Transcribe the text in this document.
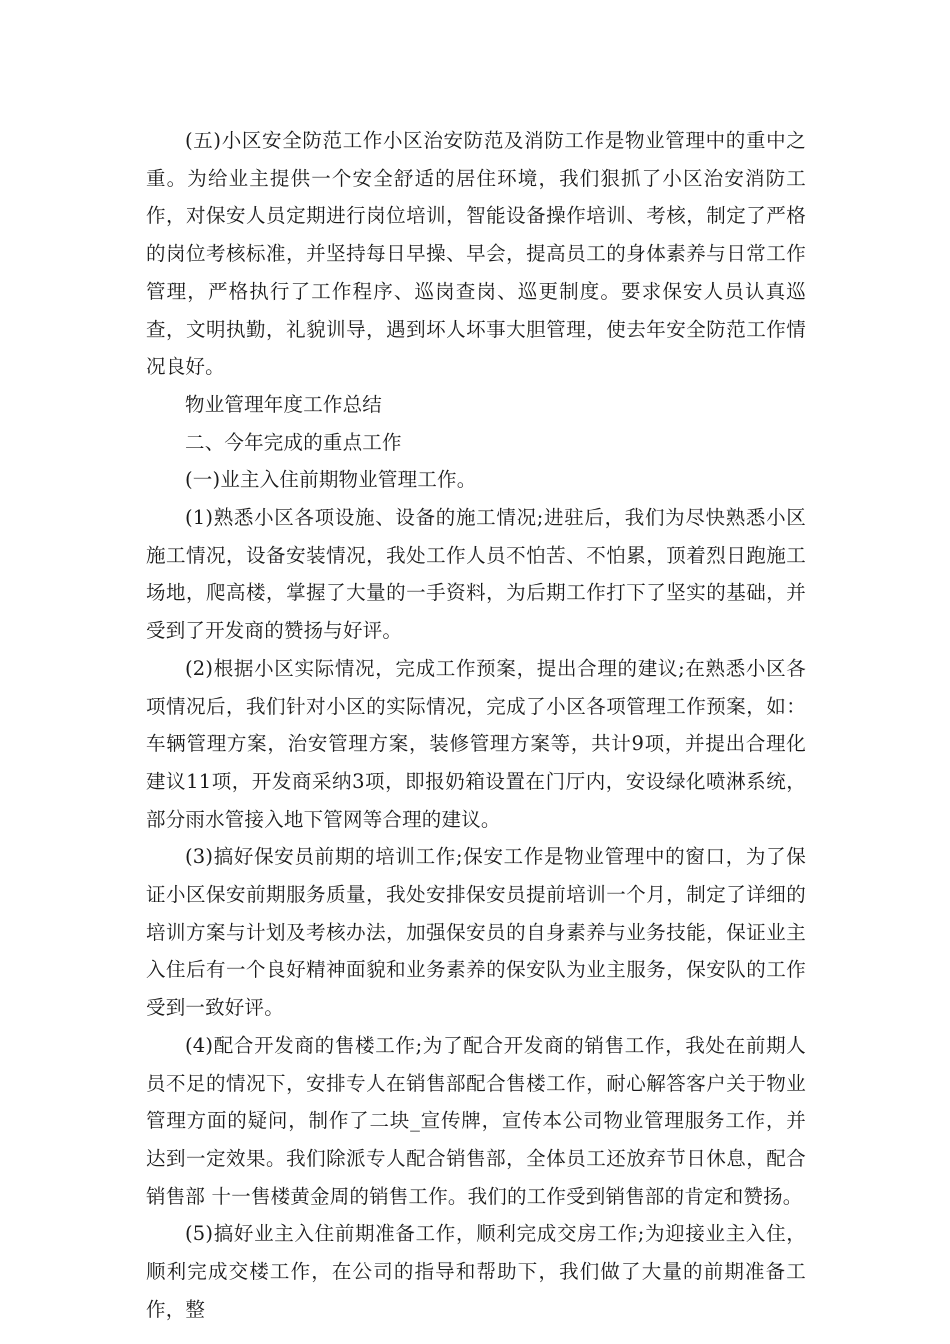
(五)小区安全防范工作小区治安防范及消防工作是物业管理中的重中之重。为给业主提供一个安全舒适的居住环境，我们狠抓了小区治安消防工作，对保安人员定期进行岗位培训，智能设备操作培训、考核，制定了严格的岗位考核标准，并坚持每日早操、早会，提高员工的身体素养与日常工作管理，严格执行了工作程序、巡岗查岗、巡更制度。要求保安人员认真巡查，文明执勤，礼貌训导，遇到坏人坏事大胆管理，使去年安全防范工作情况良好。

物业管理年度工作总结

二、今年完成的重点工作

(一)业主入住前期物业管理工作。

(1)熟悉小区各项设施、设备的施工情况;进驻后，我们为尽快熟悉小区施工情况，设备安装情况，我处工作人员不怕苦、不怕累，顶着烈日跑施工场地，爬高楼，掌握了大量的一手资料，为后期工作打下了坚实的基础，并受到了开发商的赞扬与好评。

(2)根据小区实际情况，完成工作预案，提出合理的建议;在熟悉小区各项情况后，我们针对小区的实际情况，完成了小区各项管理工作预案，如：车辆管理方案，治安管理方案，装修管理方案等，共计9项，并提出合理化建议11项，开发商采纳3项，即报奶箱设置在门厅内，安设绿化喷淋系统，部分雨水管接入地下管网等合理的建议。

(3)搞好保安员前期的培训工作;保安工作是物业管理中的窗口，为了保证小区保安前期服务质量，我处安排保安员提前培训一个月，制定了详细的培训方案与计划及考核办法，加强保安员的自身素养与业务技能，保证业主入住后有一个良好精神面貌和业务素养的保安队为业主服务，保安队的工作受到一致好评。

(4)配合开发商的售楼工作;为了配合开发商的销售工作，我处在前期人员不足的情况下，安排专人在销售部配合售楼工作，耐心解答客户关于物业管理方面的疑问，制作了二块_宣传牌，宣传本公司物业管理服务工作，并达到一定效果。我们除派专人配合销售部，全体员工还放弃节日休息，配合销售部 十一售楼黄金周的销售工作。我们的工作受到销售部的肯定和赞扬。

(5)搞好业主入住前期准备工作，顺利完成交房工作;为迎接业主入住，顺利完成交楼工作，在公司的指导和帮助下，我们做了大量的前期准备工作，整
